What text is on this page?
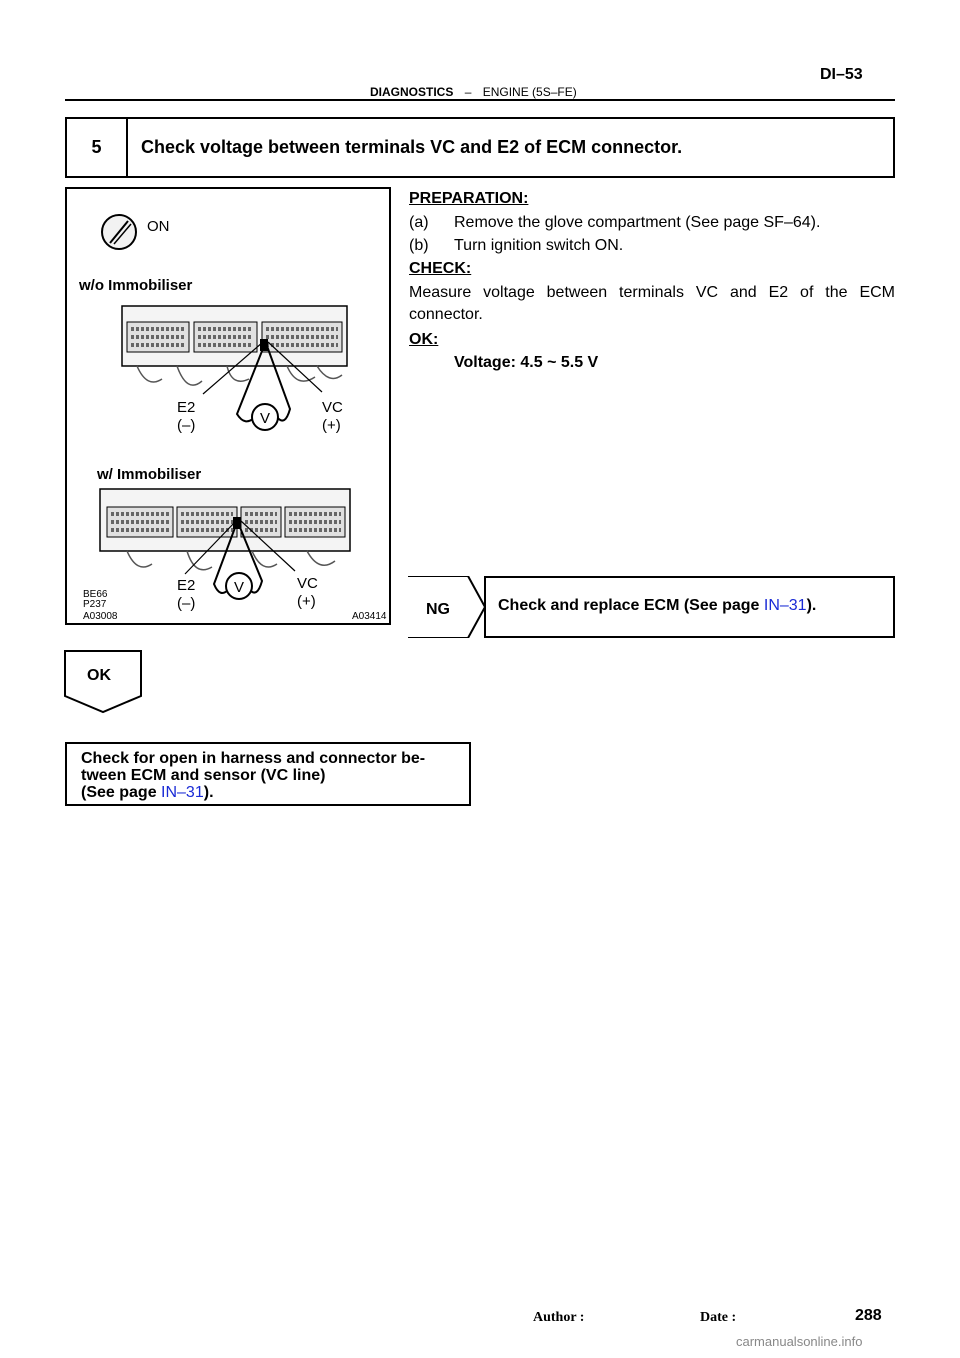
DI–53
DIAGNOSTICS – ENGINE (5S–FE)
5	Check voltage between terminals VC and E2 of ECM connector.
ON
w/o Immobiliser
V
E2
(–)
VC
(+)
w/ Immobiliser
V
E2
(–)
VC
(+)
BE66
P237
A03008	A03414
PREPARATION:
(a) Remove the glove compartment (See page SF–64).
(b) Turn ignition switch ON.
CHECK:
Measure voltage between terminals VC and E2 of the ECM connector.
OK:
Voltage: 4.5 ~ 5.5 V
NG	Check and replace ECM (See page IN–31).
OK
Check for open in harness and connector be-
tween ECM and sensor (VC line)
(See page IN–31).
Author :	Date :	288
carmanualsonline.info
